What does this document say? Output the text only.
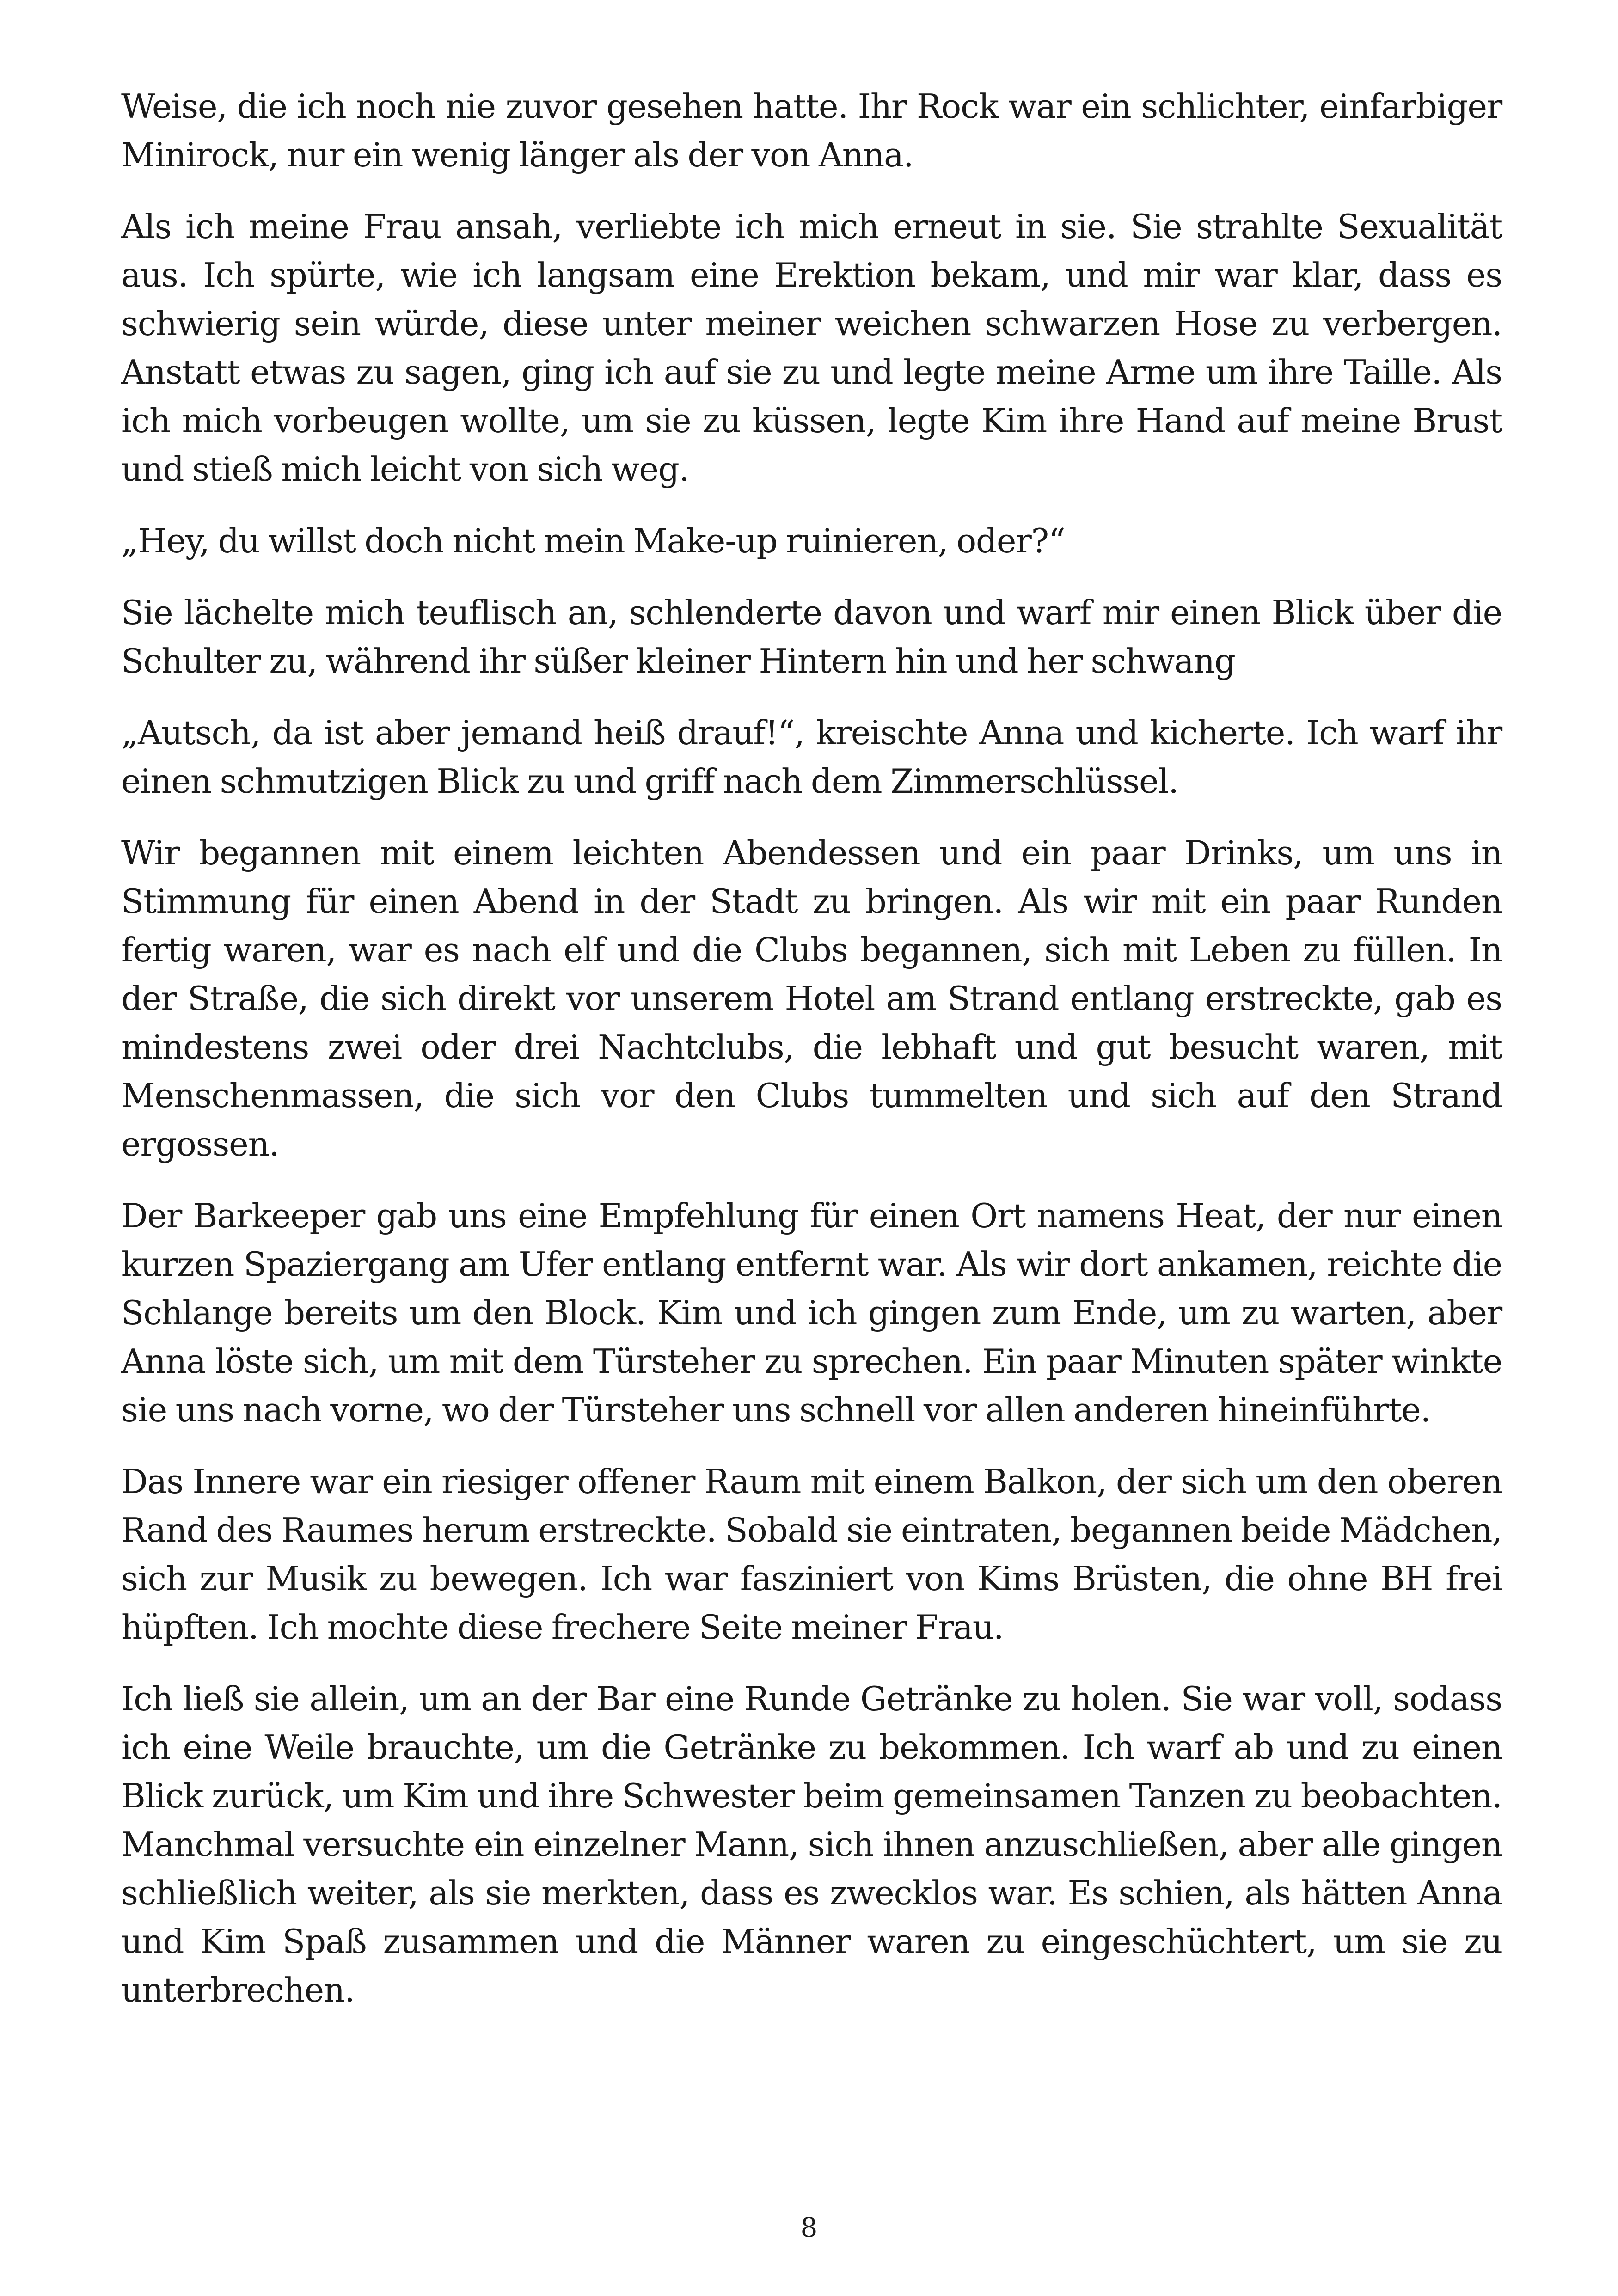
Weise, die ich noch nie zuvor gesehen hatte. Ihr Rock war ein schlichter, einfarbiger Minirock, nur ein wenig länger als der von Anna.

Als ich meine Frau ansah, verliebte ich mich erneut in sie. Sie strahlte Sexualität aus. Ich spürte, wie ich langsam eine Erektion bekam, und mir war klar, dass es schwierig sein würde, diese unter meiner weichen schwarzen Hose zu verbergen. Anstatt etwas zu sagen, ging ich auf sie zu und legte meine Arme um ihre Taille. Als ich mich vorbeugen wollte, um sie zu küssen, legte Kim ihre Hand auf meine Brust und stieß mich leicht von sich weg.

„Hey, du willst doch nicht mein Make-up ruinieren, oder?“

Sie lächelte mich teuflisch an, schlenderte davon und warf mir einen Blick über die Schulter zu, während ihr süßer kleiner Hintern hin und her schwang

„Autsch, da ist aber jemand heiß drauf!“, kreischte Anna und kicherte. Ich warf ihr einen schmutzigen Blick zu und griff nach dem Zimmerschlüssel.

Wir begannen mit einem leichten Abendessen und ein paar Drinks, um uns in Stimmung für einen Abend in der Stadt zu bringen. Als wir mit ein paar Runden fertig waren, war es nach elf und die Clubs begannen, sich mit Leben zu füllen. In der Straße, die sich direkt vor unserem Hotel am Strand entlang erstreckte, gab es mindestens zwei oder drei Nachtclubs, die lebhaft und gut besucht waren, mit Menschenmassen, die sich vor den Clubs tummelten und sich auf den Strand ergossen.

Der Barkeeper gab uns eine Empfehlung für einen Ort namens Heat, der nur einen kurzen Spaziergang am Ufer entlang entfernt war. Als wir dort ankamen, reichte die Schlange bereits um den Block. Kim und ich gingen zum Ende, um zu warten, aber Anna löste sich, um mit dem Türsteher zu sprechen. Ein paar Minuten später winkte sie uns nach vorne, wo der Türsteher uns schnell vor allen anderen hineinführte.

Das Innere war ein riesiger offener Raum mit einem Balkon, der sich um den oberen Rand des Raumes herum erstreckte. Sobald sie eintraten, begannen beide Mädchen, sich zur Musik zu bewegen. Ich war fasziniert von Kims Brüsten, die ohne BH frei hüpften. Ich mochte diese frechere Seite meiner Frau.

Ich ließ sie allein, um an der Bar eine Runde Getränke zu holen. Sie war voll, sodass ich eine Weile brauchte, um die Getränke zu bekommen. Ich warf ab und zu einen Blick zurück, um Kim und ihre Schwester beim gemeinsamen Tanzen zu beobachten. Manchmal versuchte ein einzelner Mann, sich ihnen anzuschließen, aber alle gingen schließlich weiter, als sie merkten, dass es zwecklos war. Es schien, als hätten Anna und Kim Spaß zusammen und die Männer waren zu eingeschüchtert, um sie zu unterbrechen.

8
